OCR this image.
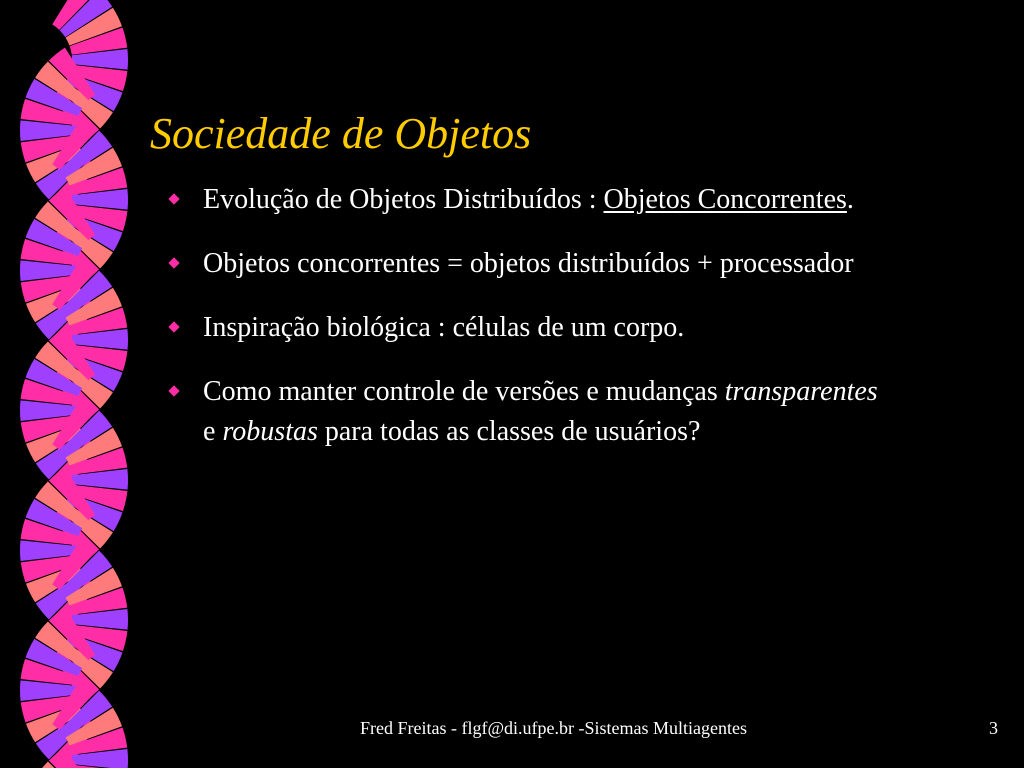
Sociedade de Objetos
Evolução de Objetos Distribuídos : Objetos Concorrentes.
Objetos concorrentes = objetos distribuídos + processador
Inspiração biológica : células de um corpo.
Como manter controle de versões e mudanças transparentes e robustas para todas as classes de usuários?
Fred Freitas - flgf@di.ufpe.br -Sistemas Multiagentes	3
